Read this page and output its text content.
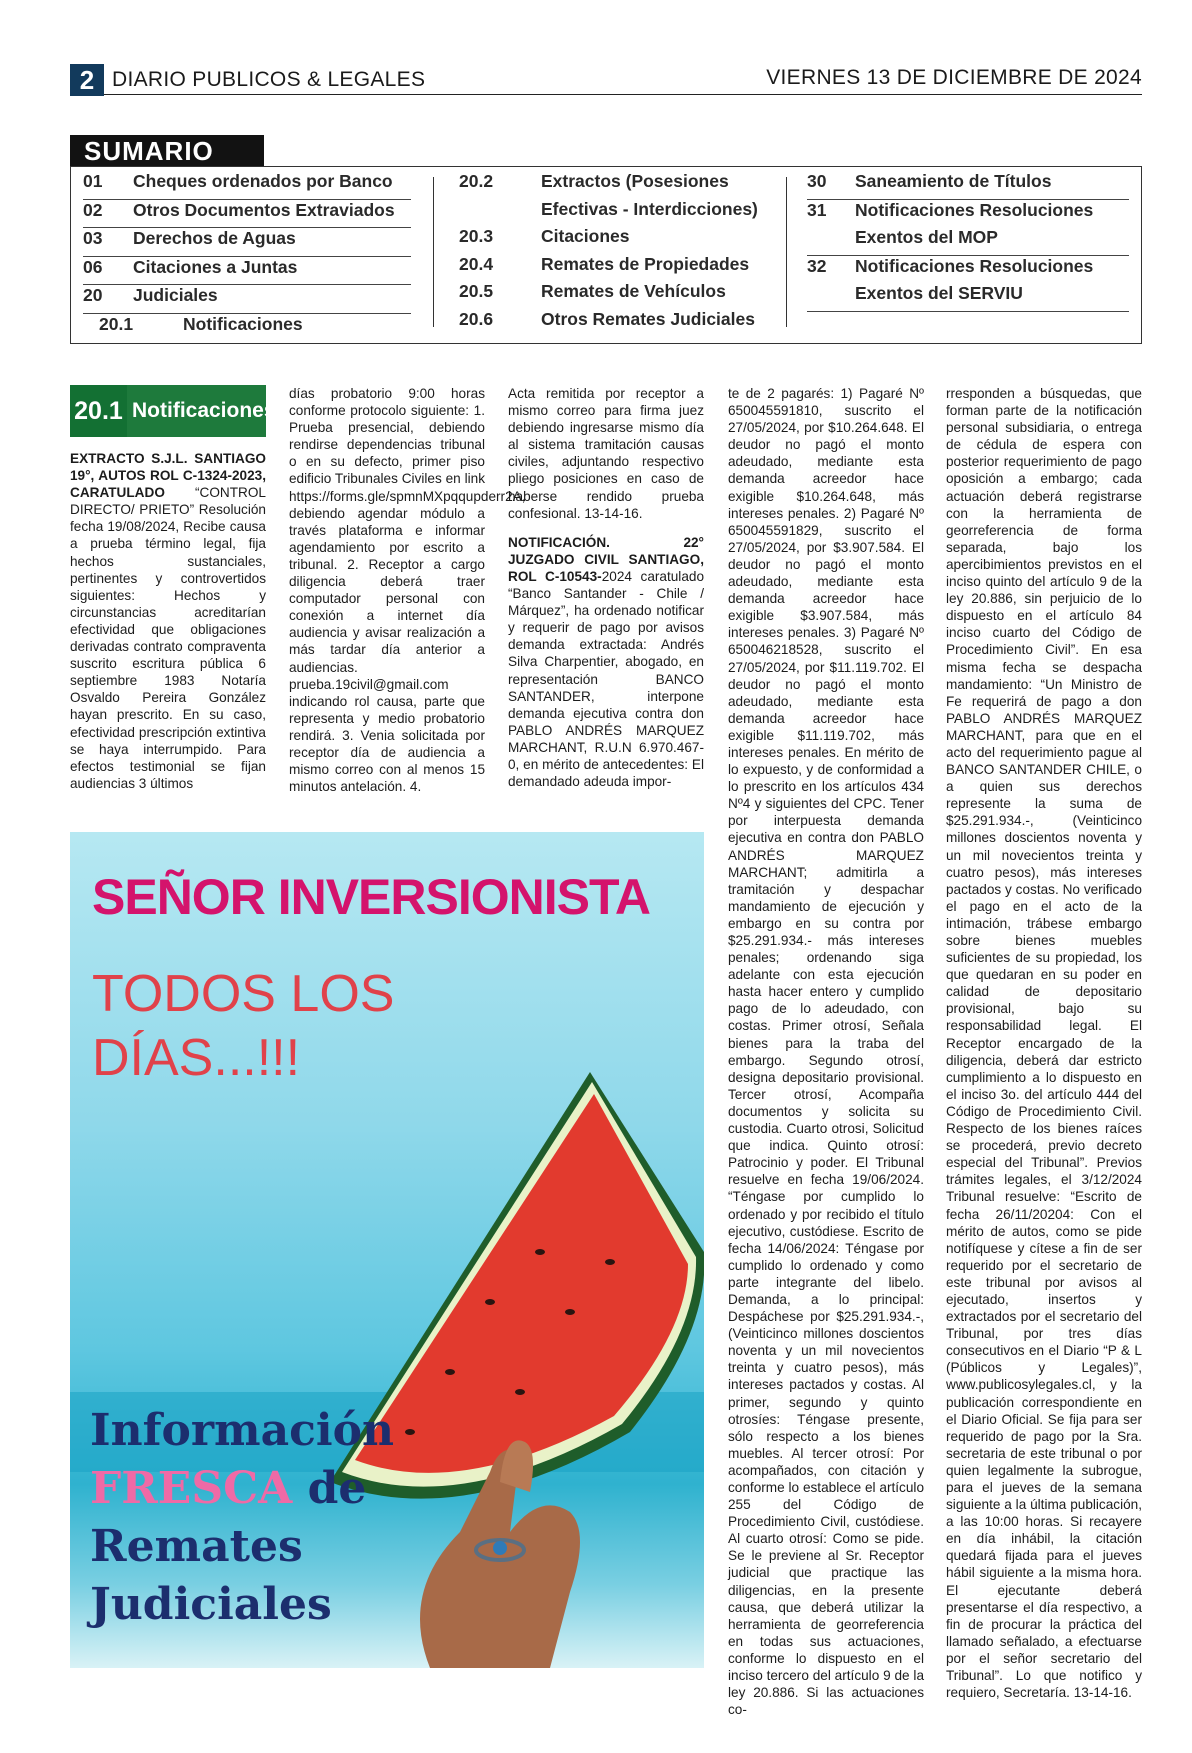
2 DIARIO PUBLICOS & LEGALES	VIERNES 13 DE DICIEMBRE DE 2024
SUMARIO
01 Cheques ordenados por Banco
02 Otros Documentos Extraviados
03 Derechos de Aguas
06 Citaciones a Juntas
20 Judiciales
20.1	Notificaciones
20.2	Extractos (Posesiones
Efectivas - Interdicciones)
20.3	Citaciones
20.4	Remates de Propiedades
20.5	Remates de Vehículos
20.6	Otros Remates Judiciales
30 Saneamiento de Títulos
31 Notificaciones Resoluciones
Exentos del MOP
32 Notificaciones Resoluciones
Exentos del SERVIU
20.1 Notificaciones

EXTRACTO S.J.L. SANTIAGO 19°, AUTOS ROL C-1324-2023, CARATULADO “CONTROL DIRECTO/ PRIETO” Resolución fecha 19/08/2024, Recibe causa a prueba término legal, fija hechos sustanciales, pertinentes y controvertidos siguientes: Hechos y circunstancias acreditarían efectividad que obligaciones derivadas contrato compraventa suscrito escritura pública 6 septiembre 1983 Notaría Osvaldo Pereira González hayan prescrito. En su caso, efectividad prescripción extintiva se haya interrumpido. Para efectos testimonial se fijan audiencias 3 últimos

días probatorio 9:00 horas conforme protocolo siguiente: 1. Prueba presencial, debiendo rendirse dependencias tribunal o en su defecto, primer piso edificio Tribunales Civiles en link https://forms.gle/spmnMXpqqupderr2A, debiendo agendar módulo a través plataforma e informar agendamiento por escrito a tribunal. 2. Receptor a cargo diligencia deberá traer computador personal con conexión a internet día audiencia y avisar realización a más tardar día anterior a audiencias. prueba.19civil@gmail.com indicando rol causa, parte que representa y medio probatorio rendirá. 3. Venia solicitada por receptor día de audiencia a mismo correo con al menos 15 minutos antelación. 4.

Acta remitida por receptor a mismo correo para firma juez debiendo ingresarse mismo día al sistema tramitación causas civiles, adjuntando respectivo pliego posiciones en caso de haberse rendido prueba confesional. 13-14-16.

NOTIFICACIÓN. 22° JUZGADO CIVIL SANTIAGO, ROL C-10543-2024 caratulado “Banco Santander - Chile / Márquez”, ha ordenado notificar y requerir de pago por avisos demanda extractada: Andrés Silva Charpentier, abogado, en representación BANCO SANTANDER, interpone demanda ejecutiva contra don PABLO ANDRÉS MARQUEZ MARCHANT, R.U.N 6.970.467-0, en mérito de antecedentes: El demandado adeuda impor-

te de 2 pagarés: 1) Pagaré Nº 650045591810, suscrito el 27/05/2024, por $10.264.648. El deudor no pagó el monto adeudado, mediante esta demanda acreedor hace exigible $10.264.648, más intereses penales. 2) Pagaré Nº 650045591829, suscrito el 27/05/2024, por $3.907.584. El deudor no pagó el monto adeudado, mediante esta demanda acreedor hace exigible $3.907.584, más intereses penales. 3) Pagaré Nº 650046218528, suscrito el 27/05/2024, por $11.119.702. El deudor no pagó el monto adeudado, mediante esta demanda acreedor hace exigible $11.119.702, más intereses penales. En mérito de lo expuesto, y de conformidad a lo prescrito en los artículos 434 Nº4 y siguientes del CPC. Tener por interpuesta demanda ejecutiva en contra don PABLO ANDRÉS MARQUEZ MARCHANT; admitirla a tramitación y despachar mandamiento de ejecución y embargo en su contra por $25.291.934.- más intereses penales; ordenando siga adelante con esta ejecución hasta hacer entero y cumplido pago de lo adeudado, con costas. Primer otrosí, Señala bienes para la traba del embargo. Segundo otrosí, designa depositario provisional. Tercer otrosí, Acompaña documentos y solicita su custodia. Cuarto otrosi, Solicitud que indica. Quinto otrosí: Patrocinio y poder. El Tribunal resuelve en fecha 19/06/2024. “Téngase por cumplido lo ordenado y por recibido el título ejecutivo, custódiese. Escrito de fecha 14/06/2024: Téngase por cumplido lo ordenado y como parte integrante del libelo. Demanda, a lo principal: Despáchese por $25.291.934.-, (Veinticinco millones doscientos noventa y un mil novecientos treinta y cuatro pesos), más intereses pactados y costas. Al primer, segundo y quinto otrosíes: Téngase presente, sólo respecto a los bienes muebles. Al tercer otrosí: Por acompañados, con citación y conforme lo establece el artículo 255 del Código de Procedimiento Civil, custódiese. Al cuarto otrosí: Como se pide. Se le previene al Sr. Receptor judicial que practique las diligencias, en la presente causa, que deberá utilizar la herramienta de georreferencia en todas sus actuaciones, conforme lo dispuesto en el inciso tercero del artículo 9 de la ley 20.886. Si las actuaciones co-

rresponden a búsquedas, que forman parte de la notificación personal subsidiaria, o entrega de cédula de espera con posterior requerimiento de pago oposición a embargo; cada actuación deberá registrarse con la herramienta de georreferencia de forma separada, bajo los apercibimientos previstos en el inciso quinto del artículo 9 de la ley 20.886, sin perjuicio de lo dispuesto en el artículo 84 inciso cuarto del Código de Procedimiento Civil”. En esa misma fecha se despacha mandamiento: “Un Ministro de Fe requerirá de pago a don PABLO ANDRÉS MARQUEZ MARCHANT, para que en el acto del requerimiento pague al BANCO SANTANDER CHILE, o a quien sus derechos represente la suma de $25.291.934.-, (Veinticinco millones doscientos noventa y un mil novecientos treinta y cuatro pesos), más intereses pactados y costas. No verificado el pago en el acto de la intimación, trábese embargo sobre bienes muebles suficientes de su propiedad, los que quedaran en su poder en calidad de depositario provisional, bajo su responsabilidad legal. El Receptor encargado de la diligencia, deberá dar estricto cumplimiento a lo dispuesto en el inciso 3o. del artículo 444 del Código de Procedimiento Civil. Respecto de los bienes raíces se procederá, previo decreto especial del Tribunal”. Previos trámites legales, el 3/12/2024 Tribunal resuelve: “Escrito de fecha 26/11/20204: Con el mérito de autos, como se pide notifíquese y cítese a fin de ser requerido por el secretario de este tribunal por avisos al ejecutado, insertos y extractados por el secretario del Tribunal, por tres días consecutivos en el Diario “P & L (Públicos y Legales)”, www.publicosylegales.cl, y la publicación correspondiente en el Diario Oficial. Se fija para ser requerido de pago por la Sra. secretaria de este tribunal o por quien legalmente la subrogue, para el jueves de la semana siguiente a la última publicación, a las 10:00 horas. Si recayere en día inhábil, la citación quedará fijada para el jueves hábil siguiente a la misma hora. El ejecutante deberá presentarse el día respectivo, a fin de procurar la práctica del llamado señalado, a efectuarse por el señor secretario del Tribunal”. Lo que notifico y requiero, Secretaría. 13-14-16.

SEÑOR INVERSIONISTA
TODOS LOS
DÍAS...!!!
Información
FRESCA de
Remates
Judiciales
